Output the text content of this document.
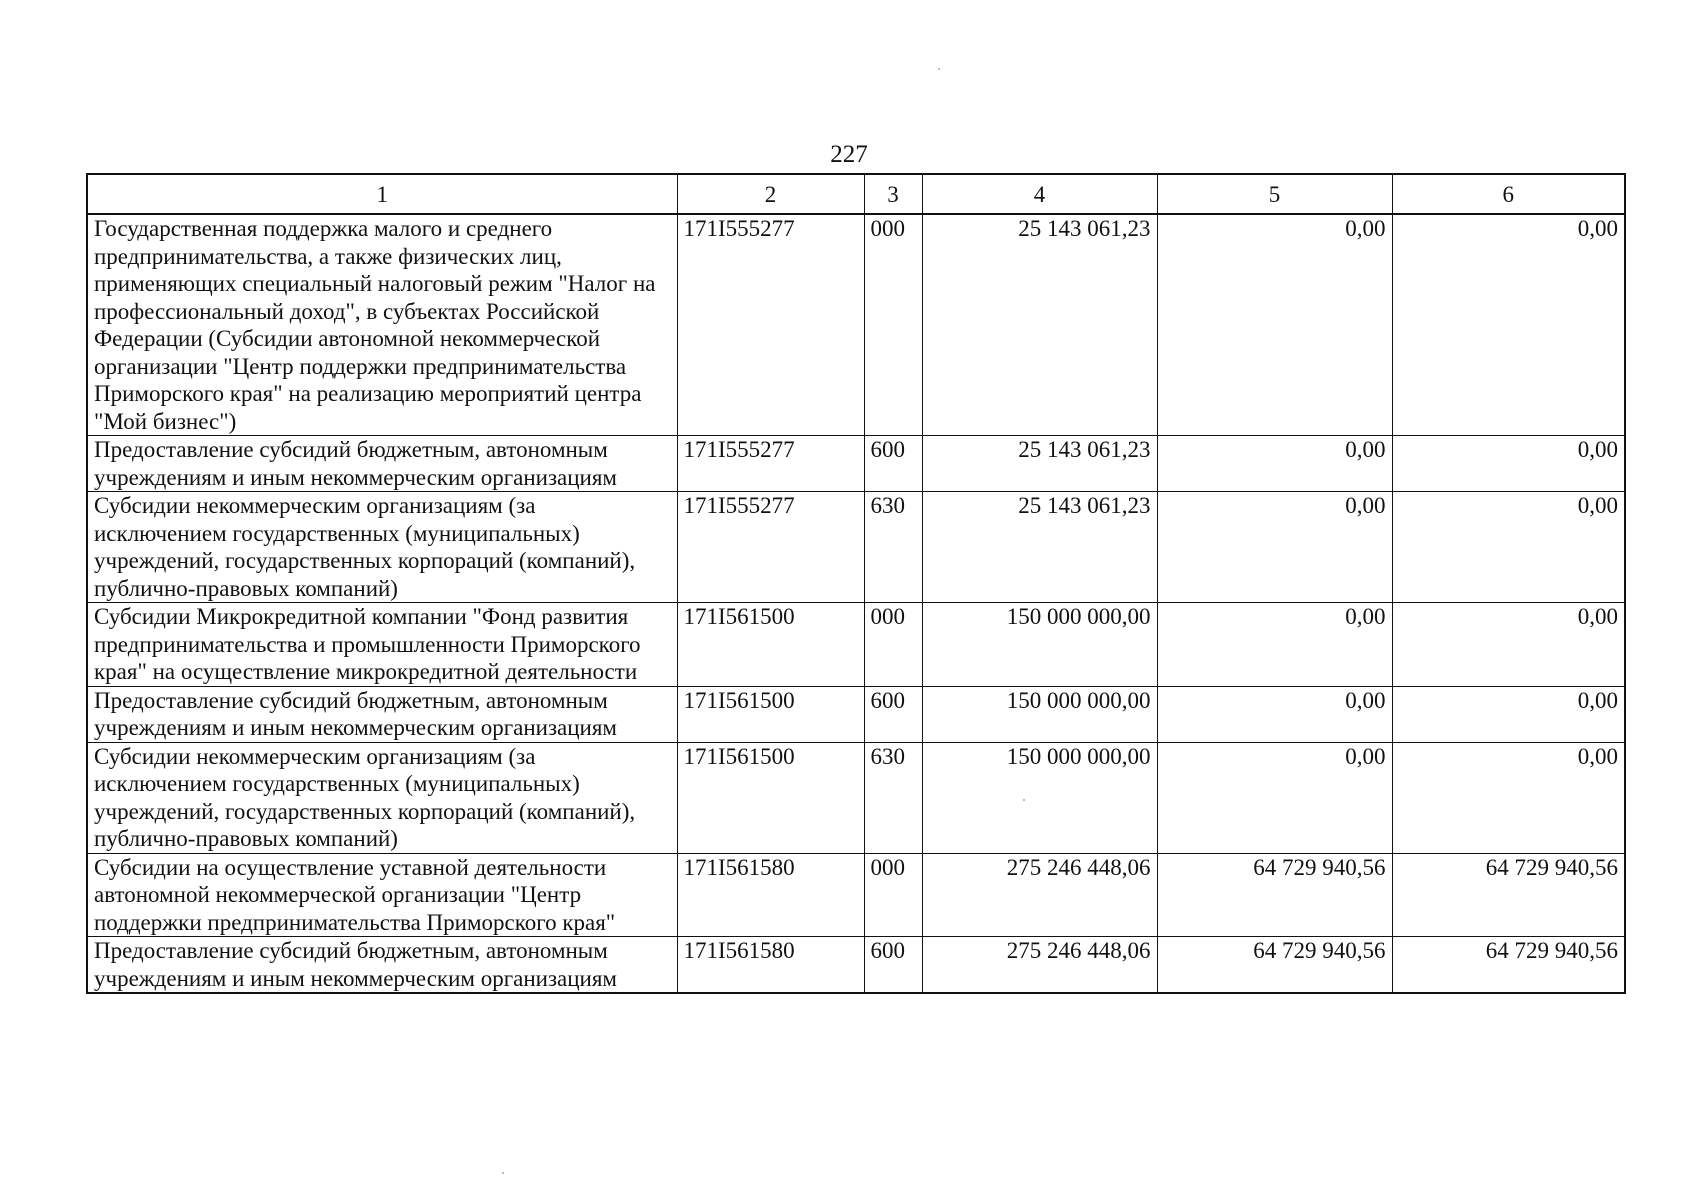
227
1	2	3	4	5	6
Государственная поддержка малого и среднего предпринимательства, а также физических лиц, применяющих специальный налоговый режим "Налог на профессиональный доход", в субъектах Российской Федерации (Субсидии автономной некоммерческой организации "Центр поддержки предпринимательства Приморского края" на реализацию мероприятий центра "Мой бизнес")	171I555277	000	25 143 061,23	0,00	0,00
Предоставление субсидий бюджетным, автономным учреждениям и иным некоммерческим организациям	171I555277	600	25 143 061,23	0,00	0,00
Субсидии некоммерческим организациям (за исключением государственных (муниципальных) учреждений, государственных корпораций (компаний), публично-правовых компаний)	171I555277	630	25 143 061,23	0,00	0,00
Субсидии Микрокредитной компании "Фонд развития предпринимательства и промышленности Приморского края" на осуществление микрокредитной деятельности	171I561500	000	150 000 000,00	0,00	0,00
Предоставление субсидий бюджетным, автономным учреждениям и иным некоммерческим организациям	171I561500	600	150 000 000,00	0,00	0,00
Субсидии некоммерческим организациям (за исключением государственных (муниципальных) учреждений, государственных корпораций (компаний), публично-правовых компаний)	171I561500	630	150 000 000,00	0,00	0,00
Субсидии на осуществление уставной деятельности автономной некоммерческой организации "Центр поддержки предпринимательства Приморского края"	171I561580	000	275 246 448,06	64 729 940,56	64 729 940,56
Предоставление субсидий бюджетным, автономным учреждениям и иным некоммерческим организациям	171I561580	600	275 246 448,06	64 729 940,56	64 729 940,56
